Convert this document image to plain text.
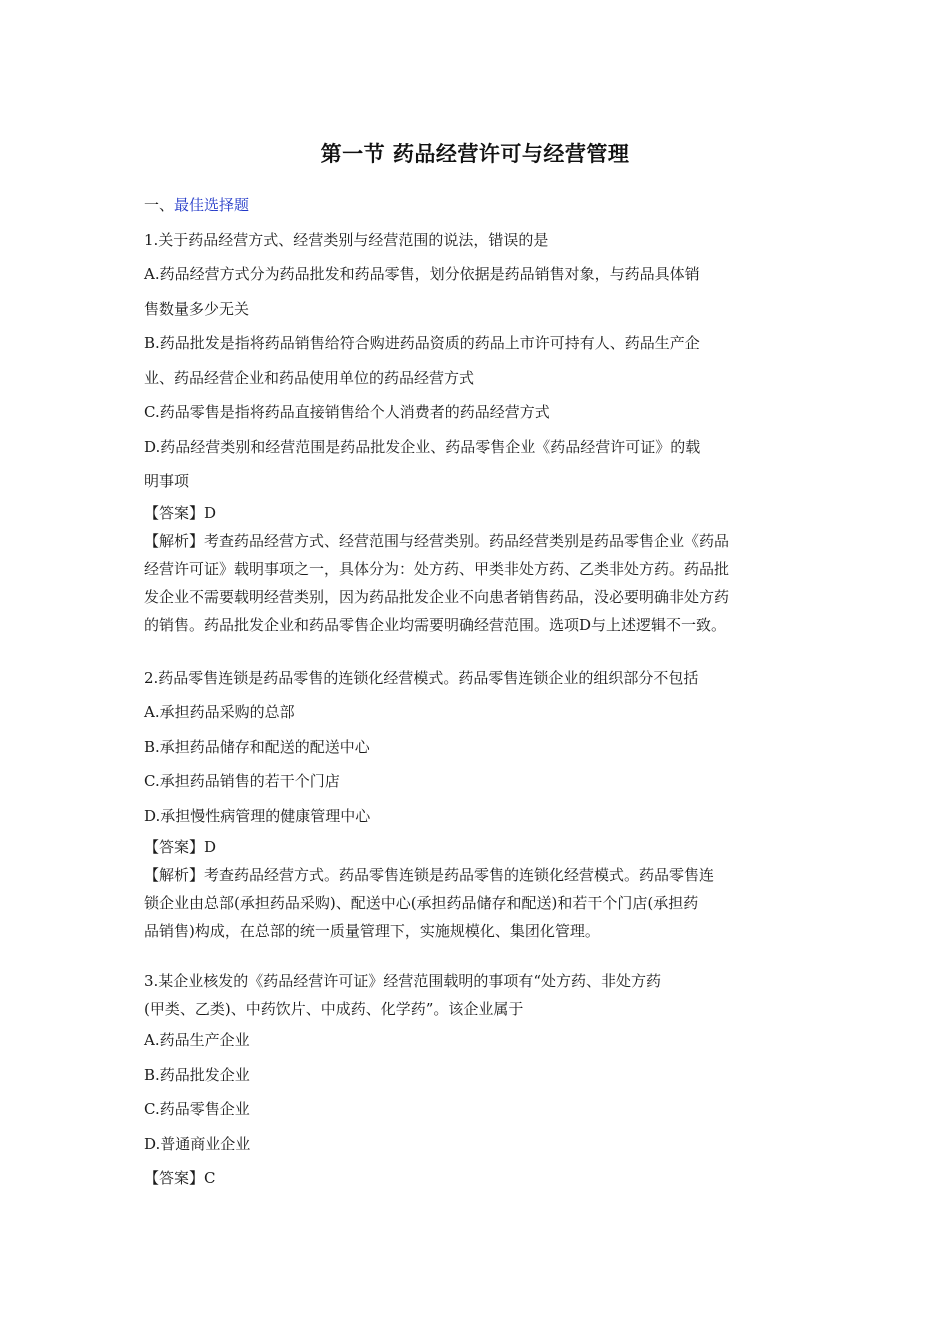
第一节 药品经营许可与经营管理
一、最佳选择题
1.关于药品经营方式、经营类别与经营范围的说法，错误的是
A.药品经营方式分为药品批发和药品零售，划分依据是药品销售对象，与药品具体销
售数量多少无关
B.药品批发是指将药品销售给符合购进药品资质的药品上市许可持有人、药品生产企
业、药品经营企业和药品使用单位的药品经营方式
C.药品零售是指将药品直接销售给个人消费者的药品经营方式
D.药品经营类别和经营范围是药品批发企业、药品零售企业《药品经营许可证》的载
明事项
【答案】D
【解析】考查药品经营方式、经营范围与经营类别。药品经营类别是药品零售企业《药品
经营许可证》载明事项之一，具体分为：处方药、甲类非处方药、乙类非处方药。药品批
发企业不需要载明经营类别，因为药品批发企业不向患者销售药品，没必要明确非处方药
的销售。药品批发企业和药品零售企业均需要明确经营范围。选项D与上述逻辑不一致。
2.药品零售连锁是药品零售的连锁化经营模式。药品零售连锁企业的组织部分不包括
A.承担药品采购的总部
B.承担药品储存和配送的配送中心
C.承担药品销售的若干个门店
D.承担慢性病管理的健康管理中心
【答案】D
【解析】考查药品经营方式。药品零售连锁是药品零售的连锁化经营模式。药品零售连
锁企业由总部(承担药品采购)、配送中心(承担药品储存和配送)和若干个门店(承担药
品销售)构成，在总部的统一质量管理下，实施规模化、集团化管理。
3.某企业核发的《药品经营许可证》经营范围载明的事项有“处方药、非处方药
(甲类、乙类)、中药饮片、中成药、化学药”。该企业属于
A.药品生产企业
B.药品批发企业
C.药品零售企业
D.普通商业企业
【答案】C
